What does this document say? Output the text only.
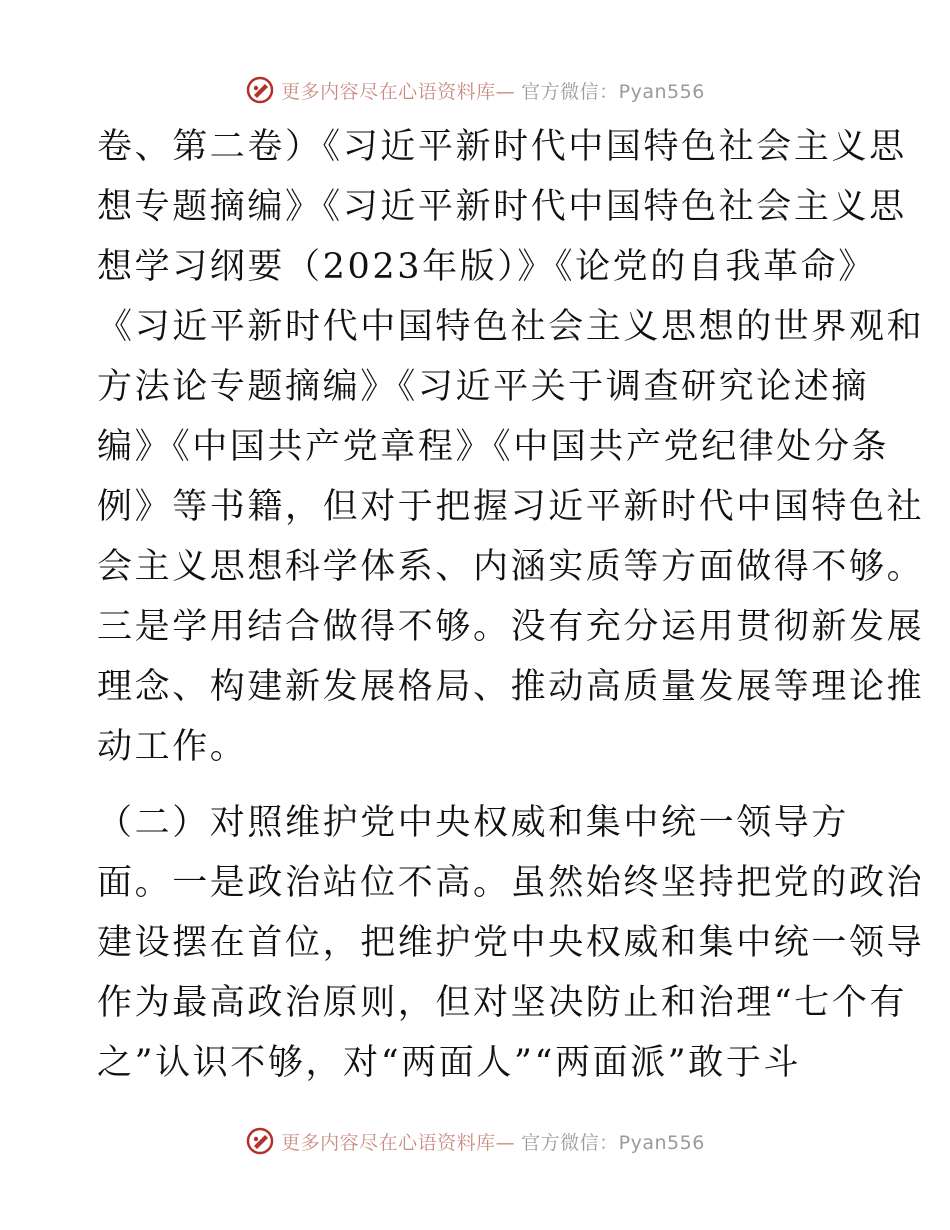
更多内容尽在心语资料库— 官方微信：Pyan556
卷、第二卷）《习近平新时代中国特色社会主义思
想专题摘编》《习近平新时代中国特色社会主义思
想学习纲要（2023年版）》《论党的自我革命》
《习近平新时代中国特色社会主义思想的世界观和
方法论专题摘编》《习近平关于调查研究论述摘
编》《中国共产党章程》《中国共产党纪律处分条
例》等书籍，但对于把握习近平新时代中国特色社
会主义思想科学体系、内涵实质等方面做得不够。
三是学用结合做得不够。没有充分运用贯彻新发展
理念、构建新发展格局、推动高质量发展等理论推
动工作。
（二）对照维护党中央权威和集中统一领导方
面。一是政治站位不高。虽然始终坚持把党的政治
建设摆在首位，把维护党中央权威和集中统一领导
作为最高政治原则，但对坚决防止和治理“七个有
之”认识不够，对“两面人”“两面派”敢于斗
更多内容尽在心语资料库— 官方微信：Pyan556
